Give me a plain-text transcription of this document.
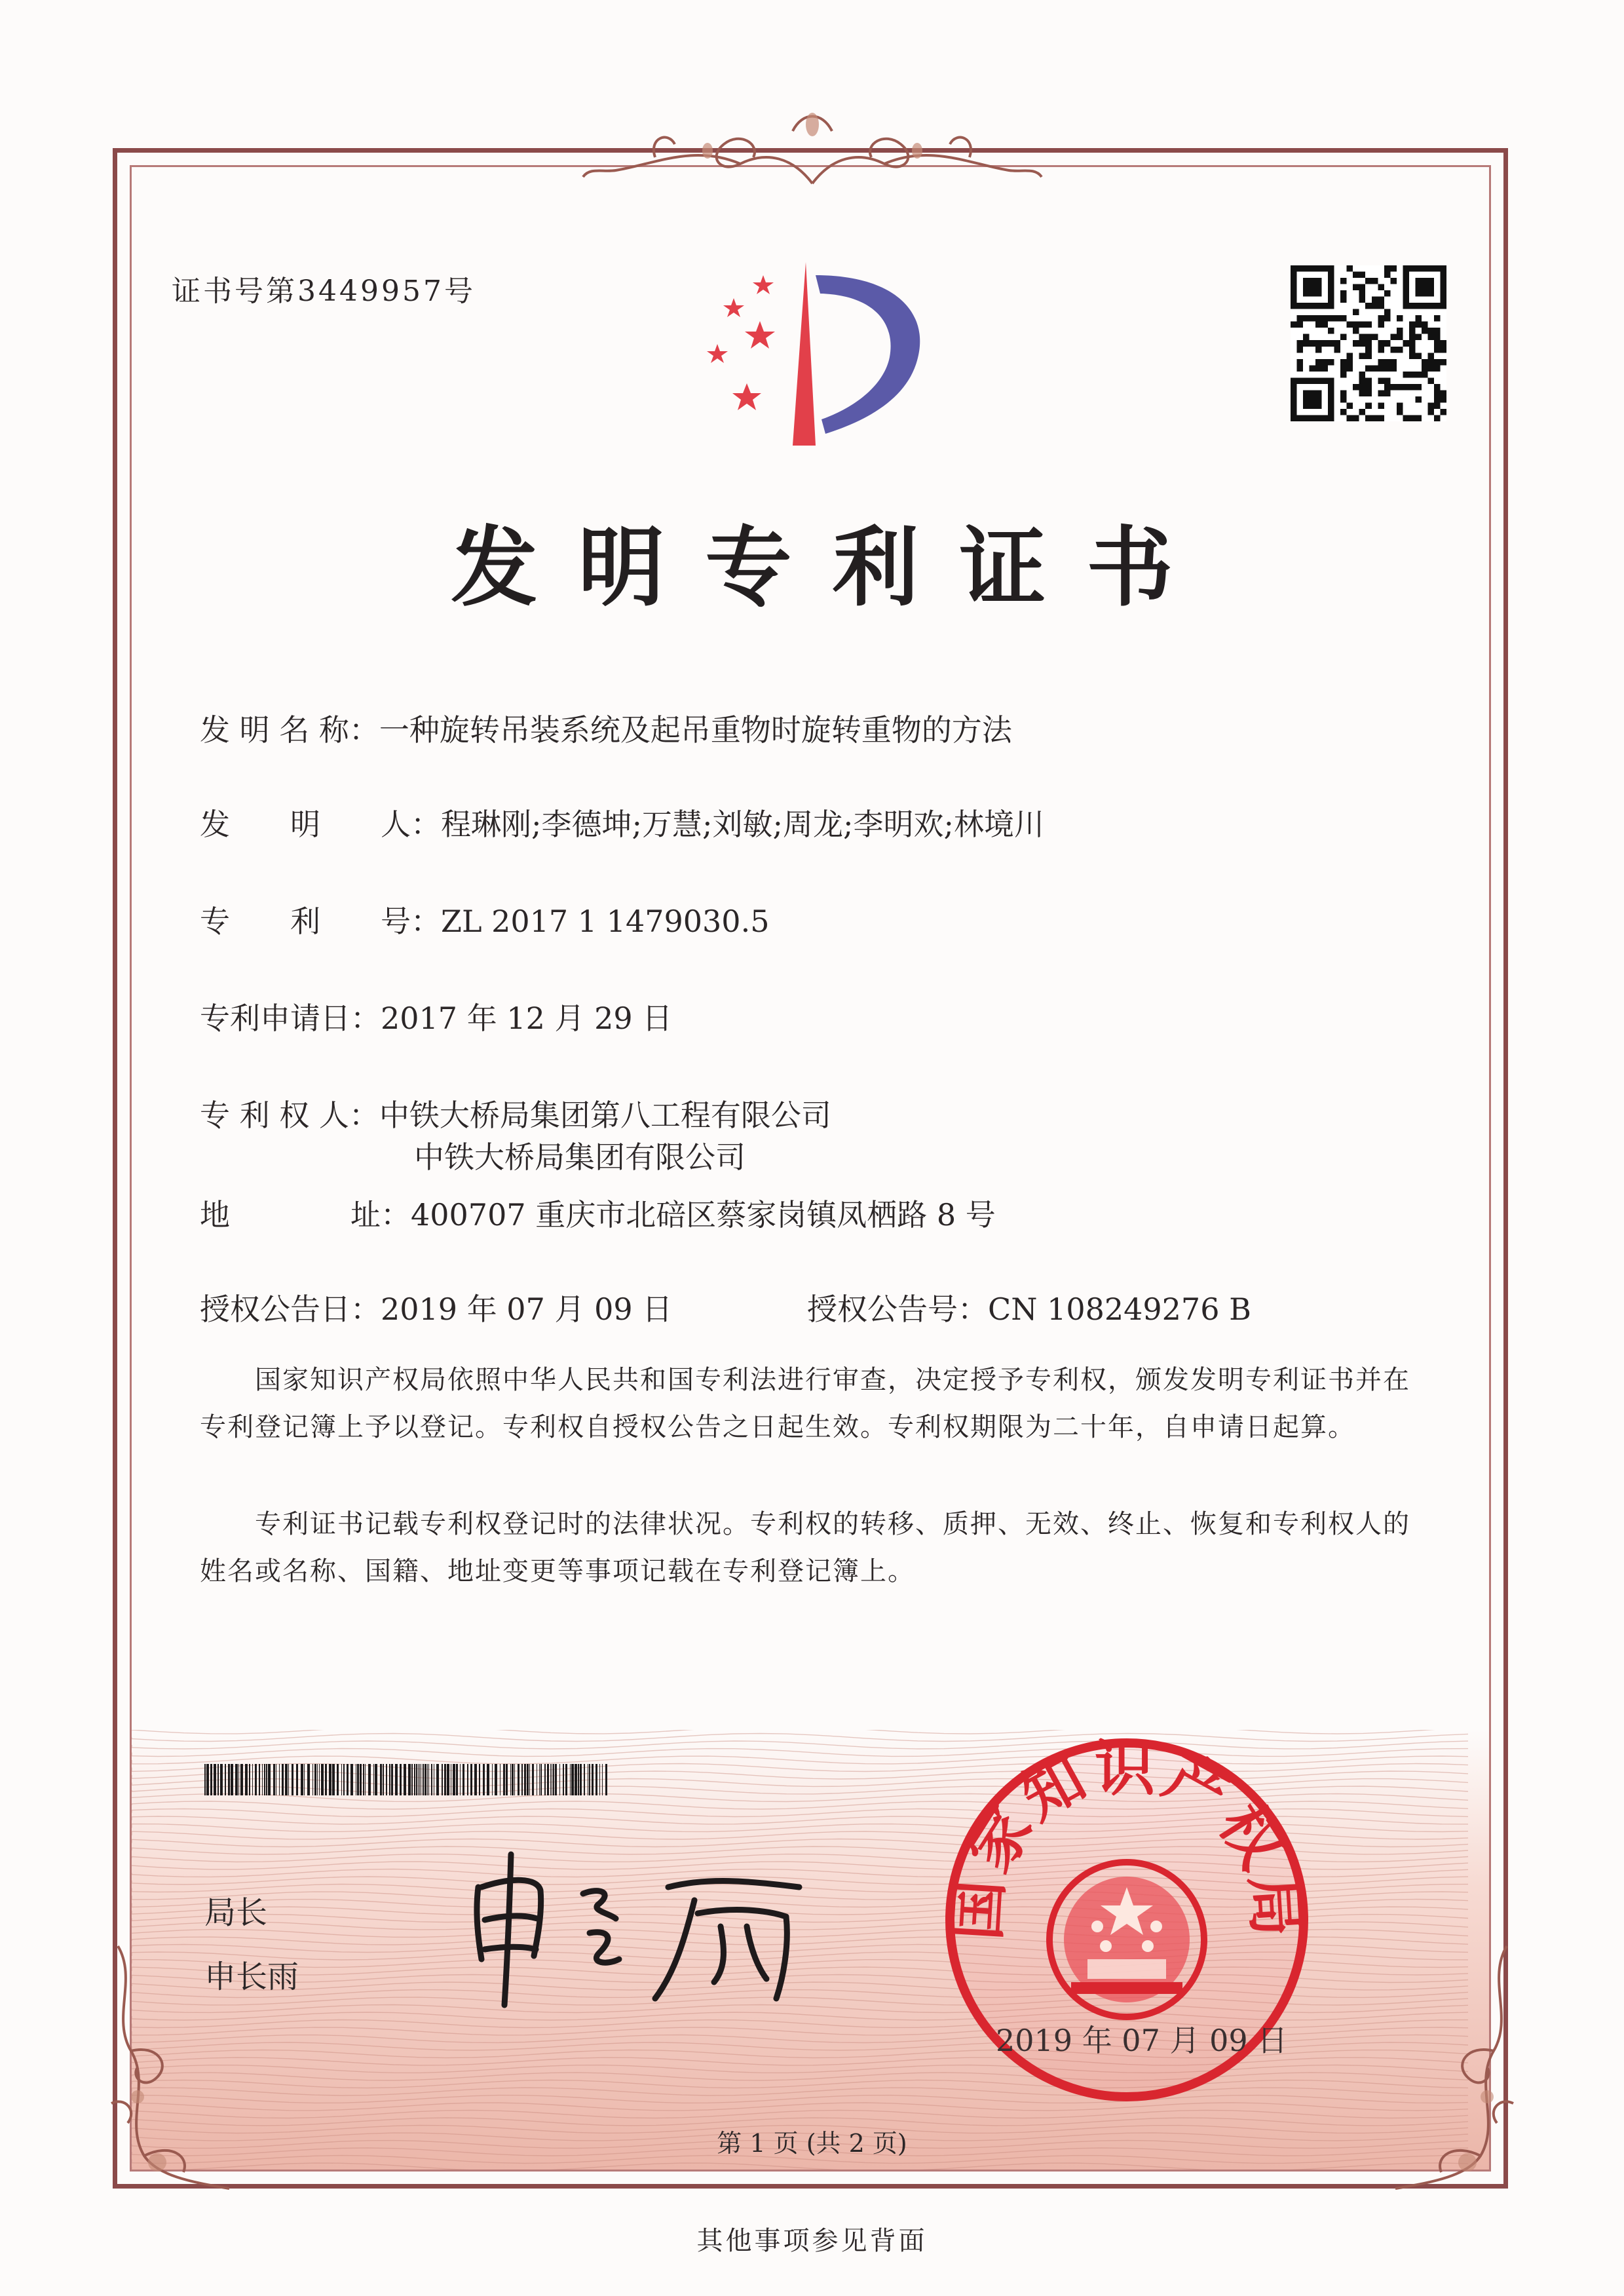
证书号第3449957号
发明专利证书
发 明 名 称：一种旋转吊装系统及起吊重物时旋转重物的方法
发　　明　　人：程琳刚;李德坤;万慧;刘敏;周龙;李明欢;林境川
专　　利　　号：ZL 2017 1 1479030.5
专利申请日：2017 年 12 月 29 日
专 利 权 人：中铁大桥局集团第八工程有限公司
中铁大桥局集团有限公司
地　　　　址：400707 重庆市北碚区蔡家岗镇凤栖路 8 号
授权公告日：2019 年 07 月 09 日	授权公告号：CN 108249276 B
　　国家知识产权局依照中华人民共和国专利法进行审查，决定授予专利权，颁发发明专利证书并在专利登记簿上予以登记。专利权自授权公告之日起生效。专利权期限为二十年，自申请日起算。
　　专利证书记载专利权登记时的法律状况。专利权的转移、质押、无效、终止、恢复和专利权人的姓名或名称、国籍、地址变更等事项记载在专利登记簿上。
局长
申长雨
国家知识产权局
2019 年 07 月 09 日
第 1 页 (共 2 页)
其他事项参见背面
